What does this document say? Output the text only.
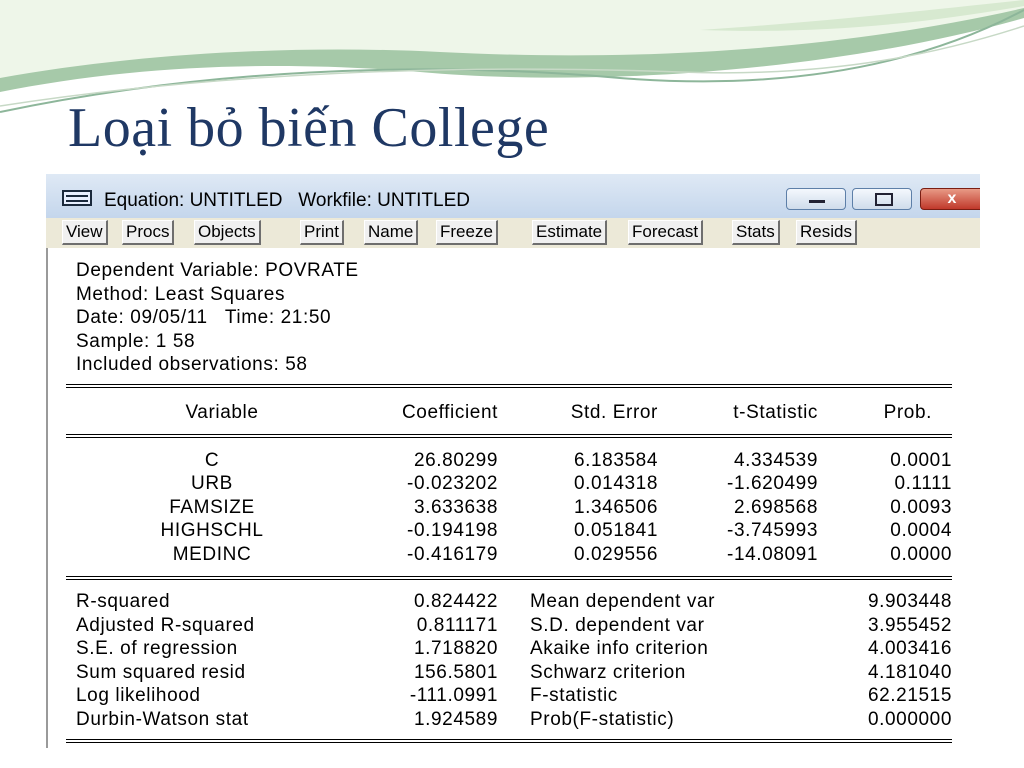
Loại bỏ biến College
Equation: UNTITLED   Workfile: UNTITLED	x
View Procs Objects	Print Name Freeze	Estimate Forecast Stats Resids
Dependent Variable: POVRATE
Method: Least Squares
Date: 09/05/11   Time: 21:50
Sample: 1 58
Included observations: 58
Variable	Coefficient	Std. Error	t-Statistic	Prob.
C	26.80299	6.183584	4.334539	0.0001
URB	-0.023202	0.014318	-1.620499	0.1111
FAMSIZE	3.633638	1.346506	2.698568	0.0093
HIGHSCHL	-0.194198	0.051841	-3.745993	0.0004
MEDINC	-0.416179	0.029556	-14.08091	0.0000
R-squared	0.824422 Mean dependent var	9.903448
Adjusted R-squared	0.811171 S.D. dependent var	3.955452
S.E. of regression	1.718820 Akaike info criterion	4.003416
Sum squared resid	156.5801 Schwarz criterion	4.181040
Log likelihood	-111.0991 F-statistic	62.21515
Durbin-Watson stat	1.924589 Prob(F-statistic)	0.000000
